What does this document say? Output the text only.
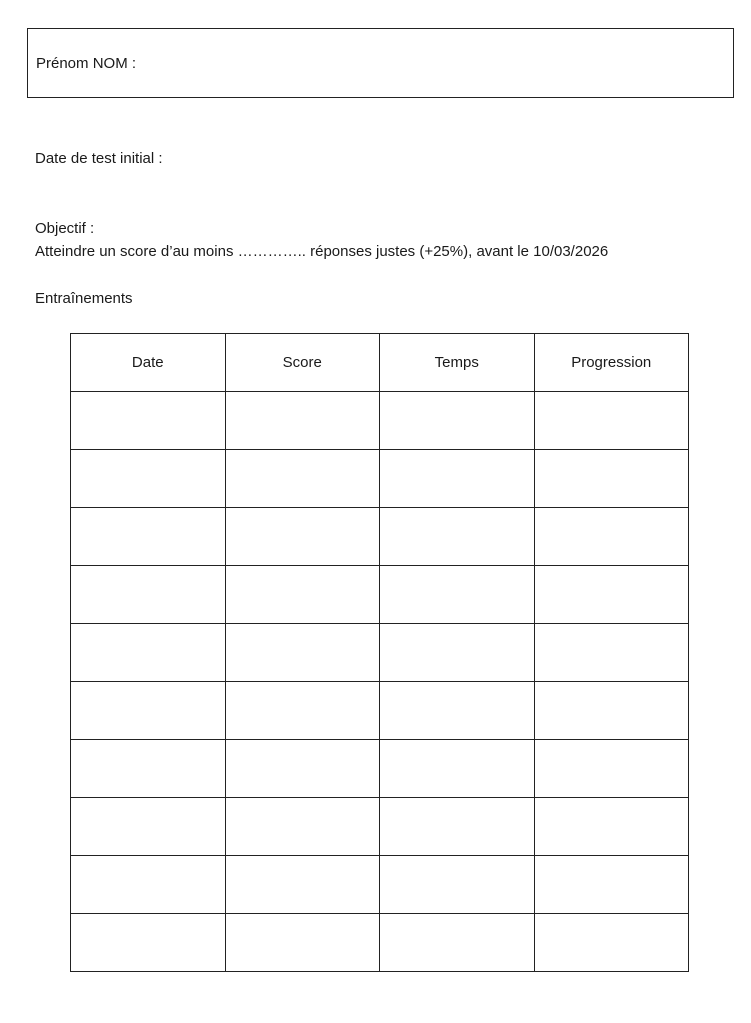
Prénom NOM :
Date de test initial :
Objectif :
Atteindre un score d’au moins ………….. réponses justes (+25%), avant le 10/03/2026
Entraînements
Date	Score	Temps	Progression
